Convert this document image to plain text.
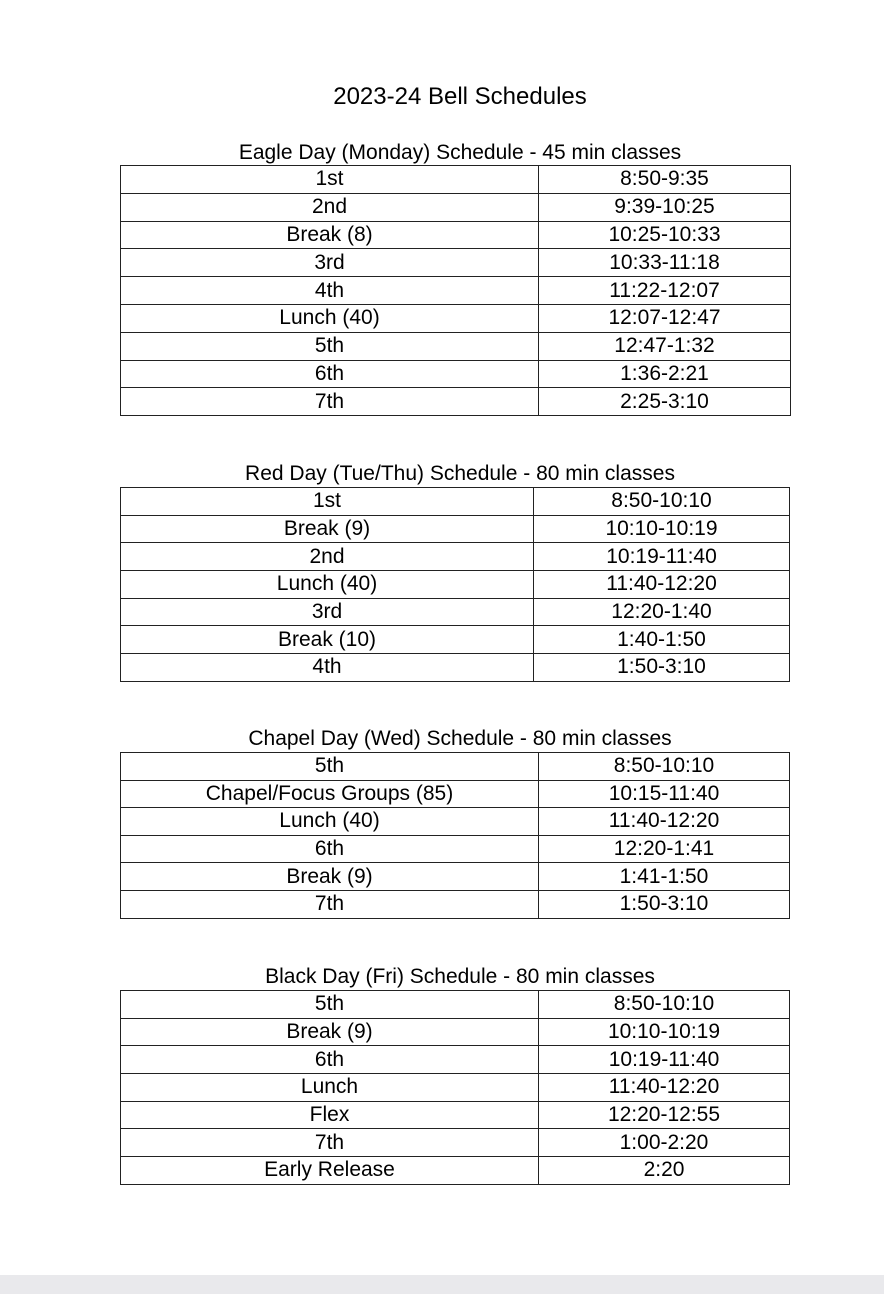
2023-24 Bell Schedules
Eagle Day (Monday) Schedule - 45 min classes
1st	8:50-9:35
2nd	9:39-10:25
Break (8)	10:25-10:33
3rd	10:33-11:18
4th	11:22-12:07
Lunch (40)	12:07-12:47
5th	12:47-1:32
6th	1:36-2:21
7th	2:25-3:10
Red Day (Tue/Thu) Schedule - 80 min classes
1st	8:50-10:10
Break (9)	10:10-10:19
2nd	10:19-11:40
Lunch (40)	11:40-12:20
3rd	12:20-1:40
Break (10)	1:40-1:50
4th	1:50-3:10
Chapel Day (Wed) Schedule - 80 min classes
5th	8:50-10:10
Chapel/Focus Groups (85)	10:15-11:40
Lunch (40)	11:40-12:20
6th	12:20-1:41
Break (9)	1:41-1:50
7th	1:50-3:10
Black Day (Fri) Schedule - 80 min classes
5th	8:50-10:10
Break (9)	10:10-10:19
6th	10:19-11:40
Lunch	11:40-12:20
Flex	12:20-12:55
7th	1:00-2:20
Early Release	2:20
